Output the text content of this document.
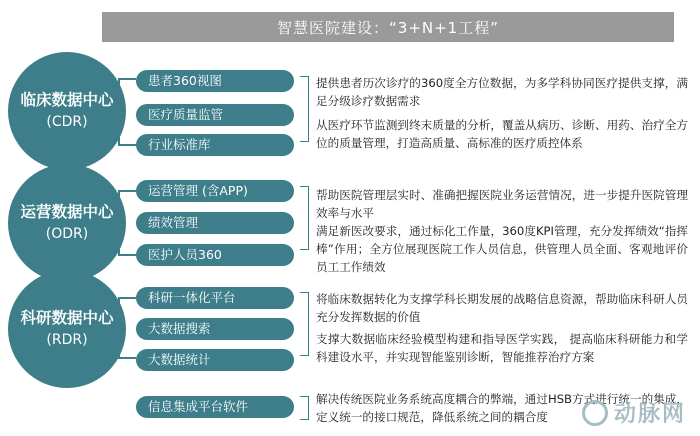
智慧医院建设：“3+N+1工程”
临床数据中心
(CDR)
运营数据中心
(ODR)
科研数据中心
(RDR)
患者360视图
医疗质量监管
行业标准库
运营管理 (含APP)
绩效管理
医护人员360
科研一体化平台
大数据搜索
大数据统计
信息集成平台软件
提供患者历次诊疗的360度全方位数据，为多学科协同医疗提供支撑，满足分级诊疗数据需求
从医疗环节监测到终末质量的分析，覆盖从病历、诊断、用药、治疗全方位的质量管理，打造高质量、高标准的医疗质控体系
帮助医院管理层实时、准确把握医院业务运营情况，进一步提升医院管理效率与水平
满足新医改要求，通过标化工作量，360度KPI管理，充分发挥绩效“指挥棒”作用；全方位展现医院工作人员信息，供管理人员全面、客观地评价员工工作绩效
将临床数据转化为支撑学科长期发展的战略信息资源，帮助临床科研人员充分发挥数据的价值
支撑大数据临床经验模型构建和指导医学实践， 提高临床科研能力和学科建设水平，并实现智能鉴别诊断，智能推荐治疗方案
解决传统医院业务系统高度耦合的弊端，通过HSB方式进行统一的集成，定义统一的接口规范，降低系统之间的耦合度	动脉网
